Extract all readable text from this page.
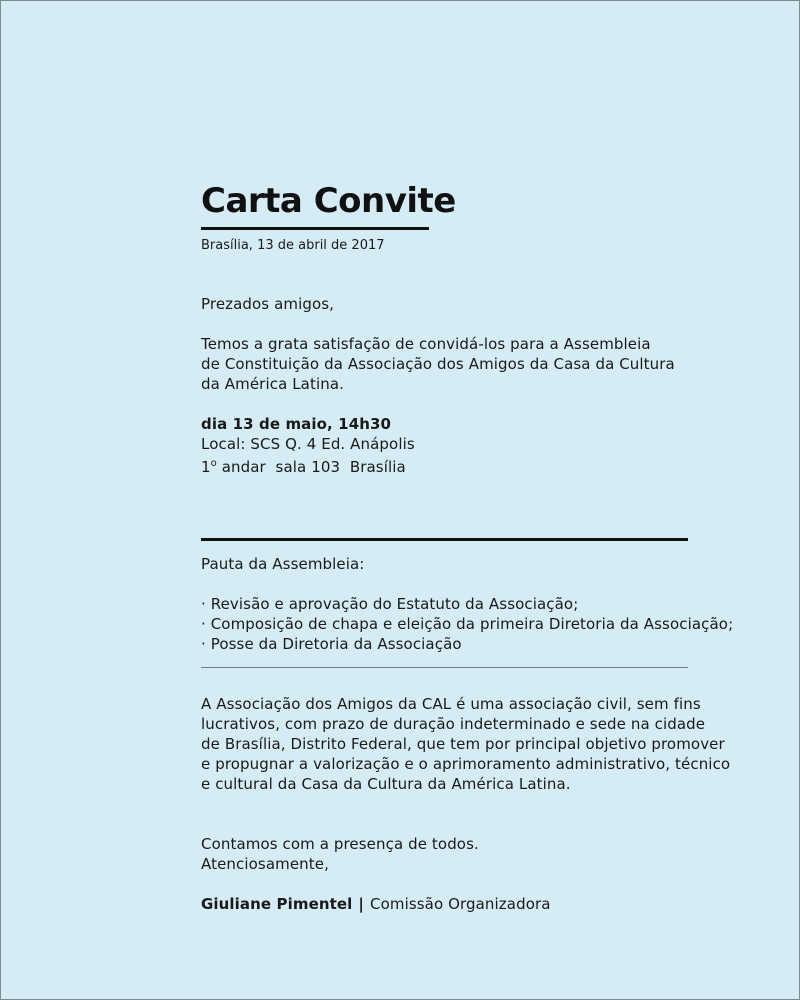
Carta Convite
Brasília, 13 de abril de 2017
Prezados amigos,
Temos a grata satisfação de convidá-los para a Assembleia
de Constituição da Associação dos Amigos da Casa da Cultura
da América Latina.
dia 13 de maio, 14h30
Local: SCS Q. 4 Ed. Anápolis
1$^o$ andar  sala 103  Brasília
Pauta da Assembleia:
· Revisão e aprovação do Estatuto da Associação;
· Composição de chapa e eleição da primeira Diretoria da Associação;
· Posse da Diretoria da Associação
A Associação dos Amigos da CAL é uma associação civil, sem fins
lucrativos, com prazo de duração indeterminado e sede na cidade
de Brasília, Distrito Federal, que tem por principal objetivo promover
e propugnar a valorização e o aprimoramento administrativo, técnico
e cultural da Casa da Cultura da América Latina.
Contamos com a presença de todos.
Atenciosamente,
Giuliane Pimentel | Comissão Organizadora
